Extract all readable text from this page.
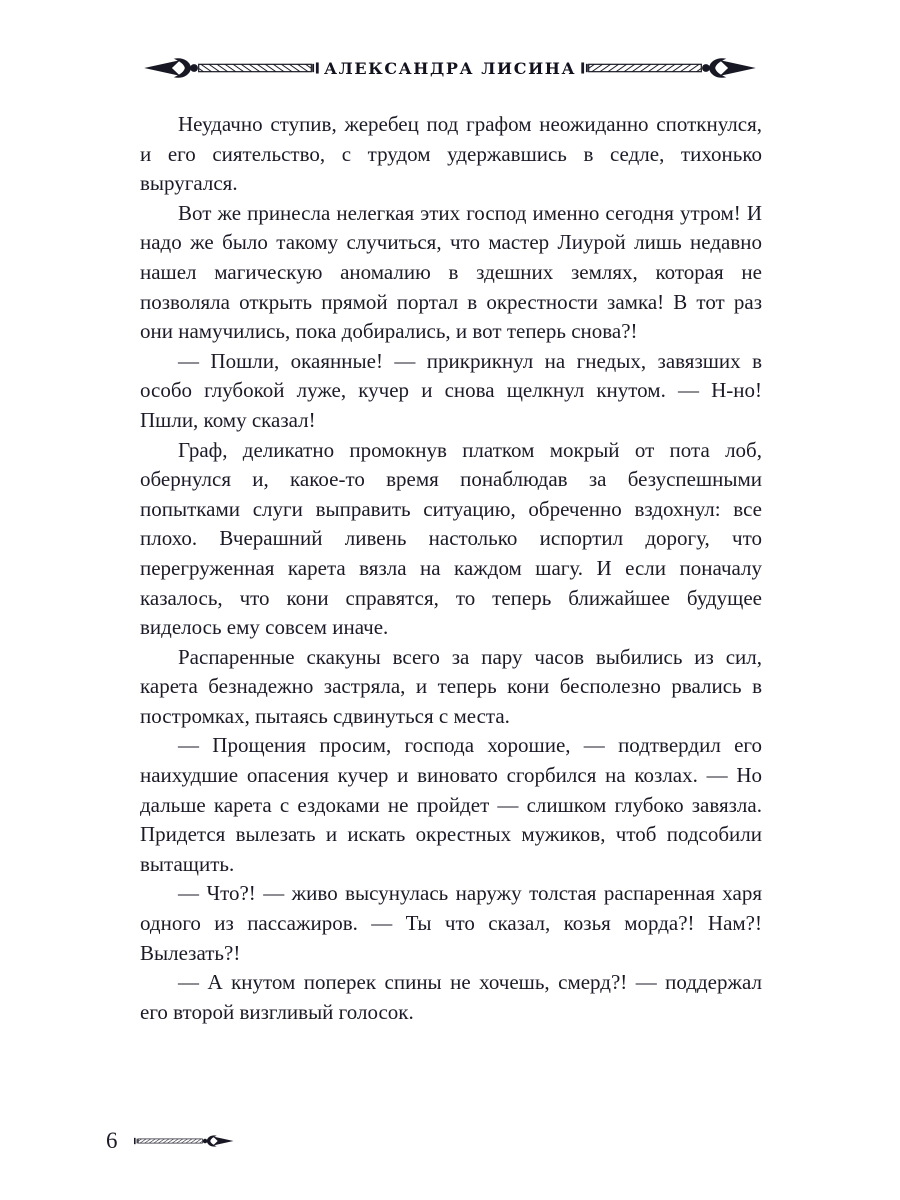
АЛЕКСАНДРА ЛИСИНА

Неудачно ступив, жеребец под графом неожиданно споткнулся, и его сиятельство, с трудом удержавшись в седле, тихонько выругался.

Вот же принесла нелегкая этих господ именно сегодня утром! И надо же было такому случиться, что мастер Лиурой лишь недавно нашел магическую аномалию в здешних землях, которая не позволяла открыть прямой портал в окрестности замка! В тот раз они намучились, пока добирались, и вот теперь снова?!

— Пошли, окаянные! — прикрикнул на гнедых, завязших в особо глубокой луже, кучер и снова щелкнул кнутом. — Н-но! Пшли, кому сказал!

Граф, деликатно промокнув платком мокрый от пота лоб, обернулся и, какое-то время понаблюдав за безуспешными попытками слуги выправить ситуацию, обреченно вздохнул: все плохо. Вчерашний ливень настолько испортил дорогу, что перегруженная карета вязла на каждом шагу. И если поначалу казалось, что кони справятся, то теперь ближайшее будущее виделось ему совсем иначе.

Распаренные скакуны всего за пару часов выбились из сил, карета безнадежно застряла, и теперь кони бесполезно рвались в постромках, пытаясь сдвинуться с места.

— Прощения просим, господа хорошие, — подтвердил его наихудшие опасения кучер и виновато сгорбился на козлах. — Но дальше карета с ездоками не пройдет — слишком глубоко завязла. Придется вылезать и искать окрестных мужиков, чтоб подсобили вытащить.

— Что?! — живо высунулась наружу толстая распаренная харя одного из пассажиров. — Ты что сказал, козья морда?! Нам?! Вылезать?!

— А кнутом поперек спины не хочешь, смерд?! — поддержал его второй визгливый голосок.

6
